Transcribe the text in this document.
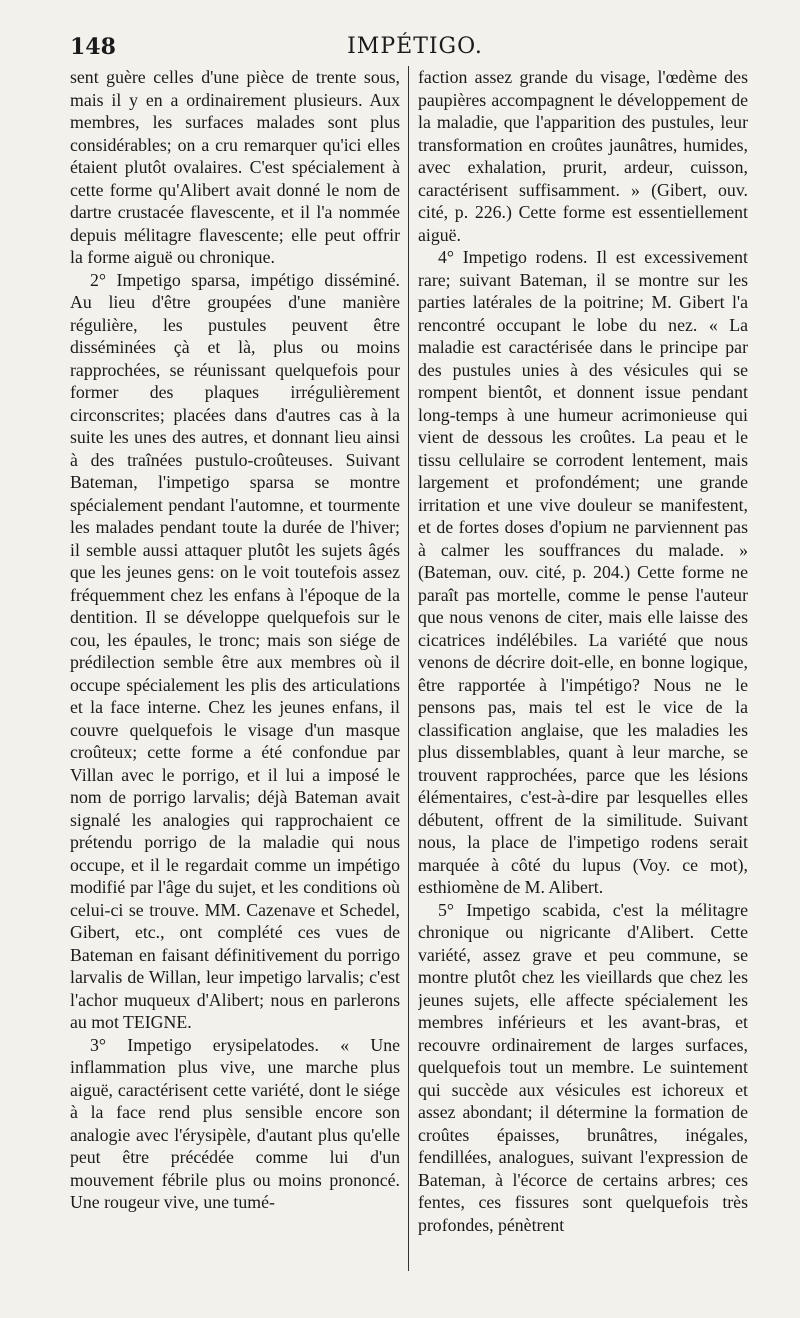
148	IMPÉTIGO.

sent guère celles d'une pièce de trente sous, mais il y en a ordinairement plusieurs. Aux membres, les surfaces malades sont plus considérables; on a cru remarquer qu'ici elles étaient plutôt ovalaires. C'est spécialement à cette forme qu'Alibert avait donné le nom de dartre crustacée flavescente, et il l'a nommée depuis mélitagre flavescente; elle peut offrir la forme aiguë ou chronique.

2° Impetigo sparsa, impétigo disséminé. Au lieu d'être groupées d'une manière régulière, les pustules peuvent être disséminées çà et là, plus ou moins rapprochées, se réunissant quelquefois pour former des plaques irrégulièrement circonscrites; placées dans d'autres cas à la suite les unes des autres, et donnant lieu ainsi à des traînées pustulo-croûteuses. Suivant Bateman, l'impetigo sparsa se montre spécialement pendant l'automne, et tourmente les malades pendant toute la durée de l'hiver; il semble aussi attaquer plutôt les sujets âgés que les jeunes gens: on le voit toutefois assez fréquemment chez les enfans à l'époque de la dentition. Il se développe quelquefois sur le cou, les épaules, le tronc; mais son siége de prédilection semble être aux membres où il occupe spécialement les plis des articulations et la face interne. Chez les jeunes enfans, il couvre quelquefois le visage d'un masque croûteux; cette forme a été confondue par Villan avec le porrigo, et il lui a imposé le nom de porrigo larvalis; déjà Bateman avait signalé les analogies qui rapprochaient ce prétendu porrigo de la maladie qui nous occupe, et il le regardait comme un impétigo modifié par l'âge du sujet, et les conditions où celui-ci se trouve. MM. Cazenave et Schedel, Gibert, etc., ont complété ces vues de Bateman en faisant définitivement du porrigo larvalis de Willan, leur impetigo larvalis; c'est l'achor muqueux d'Alibert; nous en parlerons au mot TEIGNE.

3° Impetigo erysipelatodes. « Une inflammation plus vive, une marche plus aiguë, caractérisent cette variété, dont le siége à la face rend plus sensible encore son analogie avec l'érysipèle, d'autant plus qu'elle peut être précédée comme lui d'un mouvement fébrile plus ou moins prononcé. Une rougeur vive, une tumé-

faction assez grande du visage, l'œdème des paupières accompagnent le développement de la maladie, que l'apparition des pustules, leur transformation en croûtes jaunâtres, humides, avec exhalation, prurit, ardeur, cuisson, caractérisent suffisamment. » (Gibert, ouv. cité, p. 226.) Cette forme est essentiellement aiguë.

4° Impetigo rodens. Il est excessivement rare; suivant Bateman, il se montre sur les parties latérales de la poitrine; M. Gibert l'a rencontré occupant le lobe du nez. « La maladie est caractérisée dans le principe par des pustules unies à des vésicules qui se rompent bientôt, et donnent issue pendant long-temps à une humeur acrimonieuse qui vient de dessous les croûtes. La peau et le tissu cellulaire se corrodent lentement, mais largement et profondément; une grande irritation et une vive douleur se manifestent, et de fortes doses d'opium ne parviennent pas à calmer les souffrances du malade. » (Bateman, ouv. cité, p. 204.) Cette forme ne paraît pas mortelle, comme le pense l'auteur que nous venons de citer, mais elle laisse des cicatrices indélébiles. La variété que nous venons de décrire doit-elle, en bonne logique, être rapportée à l'impétigo? Nous ne le pensons pas, mais tel est le vice de la classification anglaise, que les maladies les plus dissemblables, quant à leur marche, se trouvent rapprochées, parce que les lésions élémentaires, c'est-à-dire par lesquelles elles débutent, offrent de la similitude. Suivant nous, la place de l'impetigo rodens serait marquée à côté du lupus (Voy. ce mot), esthiomène de M. Alibert.

5° Impetigo scabida, c'est la mélitagre chronique ou nigricante d'Alibert. Cette variété, assez grave et peu commune, se montre plutôt chez les vieillards que chez les jeunes sujets, elle affecte spécialement les membres inférieurs et les avant-bras, et recouvre ordinairement de larges surfaces, quelquefois tout un membre. Le suintement qui succède aux vésicules est ichoreux et assez abondant; il détermine la formation de croûtes épaisses, brunâtres, inégales, fendillées, analogues, suivant l'expression de Bateman, à l'écorce de certains arbres; ces fentes, ces fissures sont quelquefois très profondes, pénètrent
